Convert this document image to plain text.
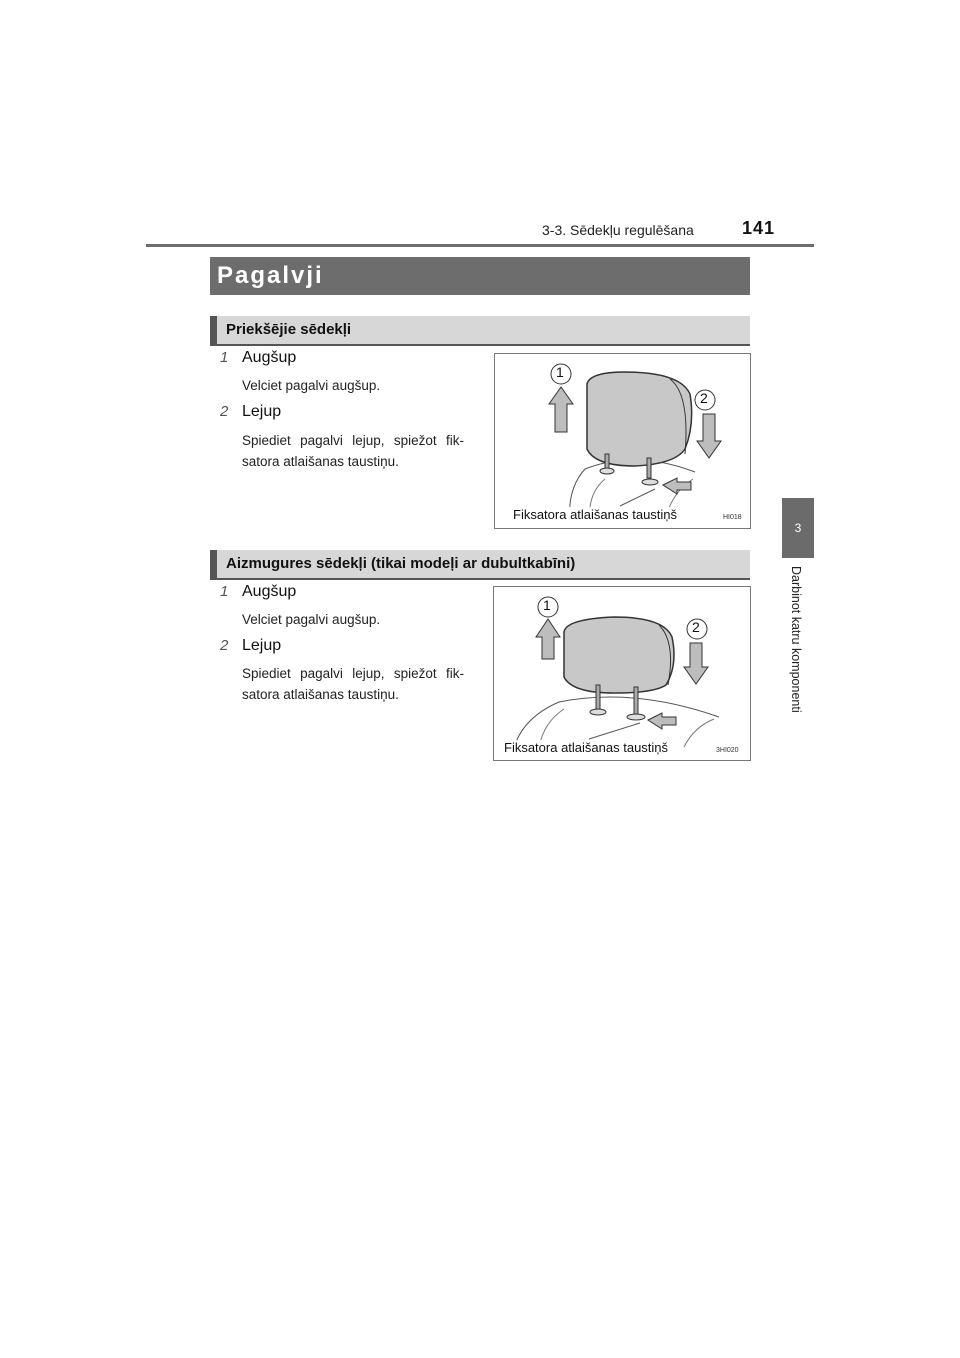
3-3. Sēdekļu regulēšana	141
3
Darbinot katru komponenti
Pagalvji
Priekšējie sēdekļi
1 Augšup
Velciet pagalvi augšup.
2 Lejup
Spiediet pagalvi lejup, spiežot fik-satora atlaišanas taustiņu.
1
2
Fiksatora atlaišanas taustiņš	HI018
Aizmugures sēdekļi (tikai modeļi ar dubultkabīni)
1 Augšup
Velciet pagalvi augšup.
2 Lejup
Spiediet pagalvi lejup, spiežot fik-satora atlaišanas taustiņu.
1
2
Fiksatora atlaišanas taustiņš	3HI020
